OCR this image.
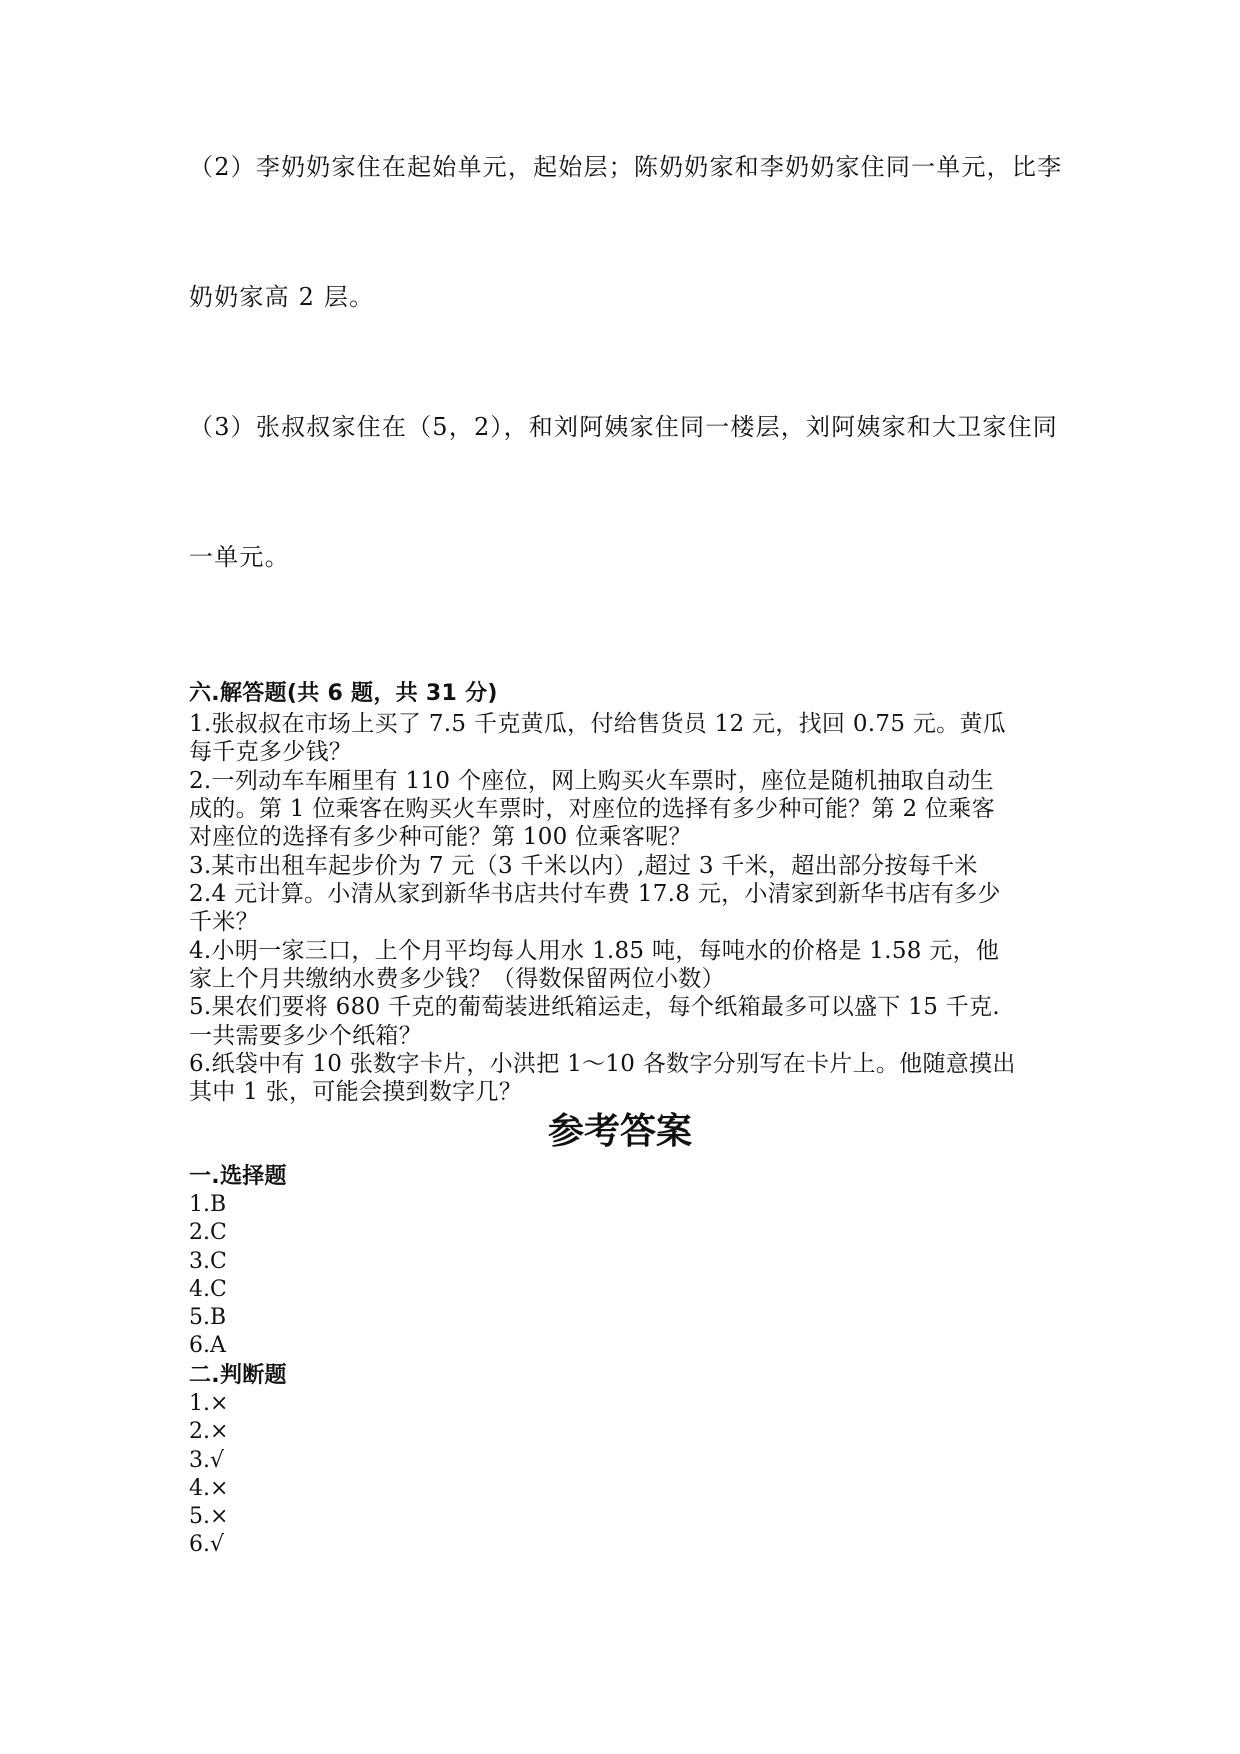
（2）李奶奶家住在起始单元，起始层；陈奶奶家和李奶奶家住同一单元，比李
奶奶家高 2 层。
（3）张叔叔家住在（5，2），和刘阿姨家住同一楼层，刘阿姨家和大卫家住同
一单元。
六.解答题(共 6 题，共 31 分)
1.张叔叔在市场上买了 7.5 千克黄瓜，付给售货员 12 元，找回 0.75 元。黄瓜
每千克多少钱？
2.一列动车车厢里有 110 个座位，网上购买火车票时，座位是随机抽取自动生
成的。第 1 位乘客在购买火车票时，对座位的选择有多少种可能？第 2 位乘客
对座位的选择有多少种可能？第 100 位乘客呢？
3.某市出租车起步价为 7 元（3 千米以内）,超过 3 千米，超出部分按每千米
2.4 元计算。小清从家到新华书店共付车费 17.8 元，小清家到新华书店有多少
千米？
4.小明一家三口，上个月平均每人用水 1.85 吨，每吨水的价格是 1.58 元，他
家上个月共缴纳水费多少钱？（得数保留两位小数）
5.果农们要将 680 千克的葡萄装进纸箱运走，每个纸箱最多可以盛下 15 千克.
一共需要多少个纸箱？
6.纸袋中有 10 张数字卡片，小洪把 1～10 各数字分别写在卡片上。他随意摸出
其中 1 张，可能会摸到数字几？
参考答案
一.选择题
1.B
2.C
3.C
4.C
5.B
6.A
二.判断题
1.×
2.×
3.√
4.×
5.×
6.√
